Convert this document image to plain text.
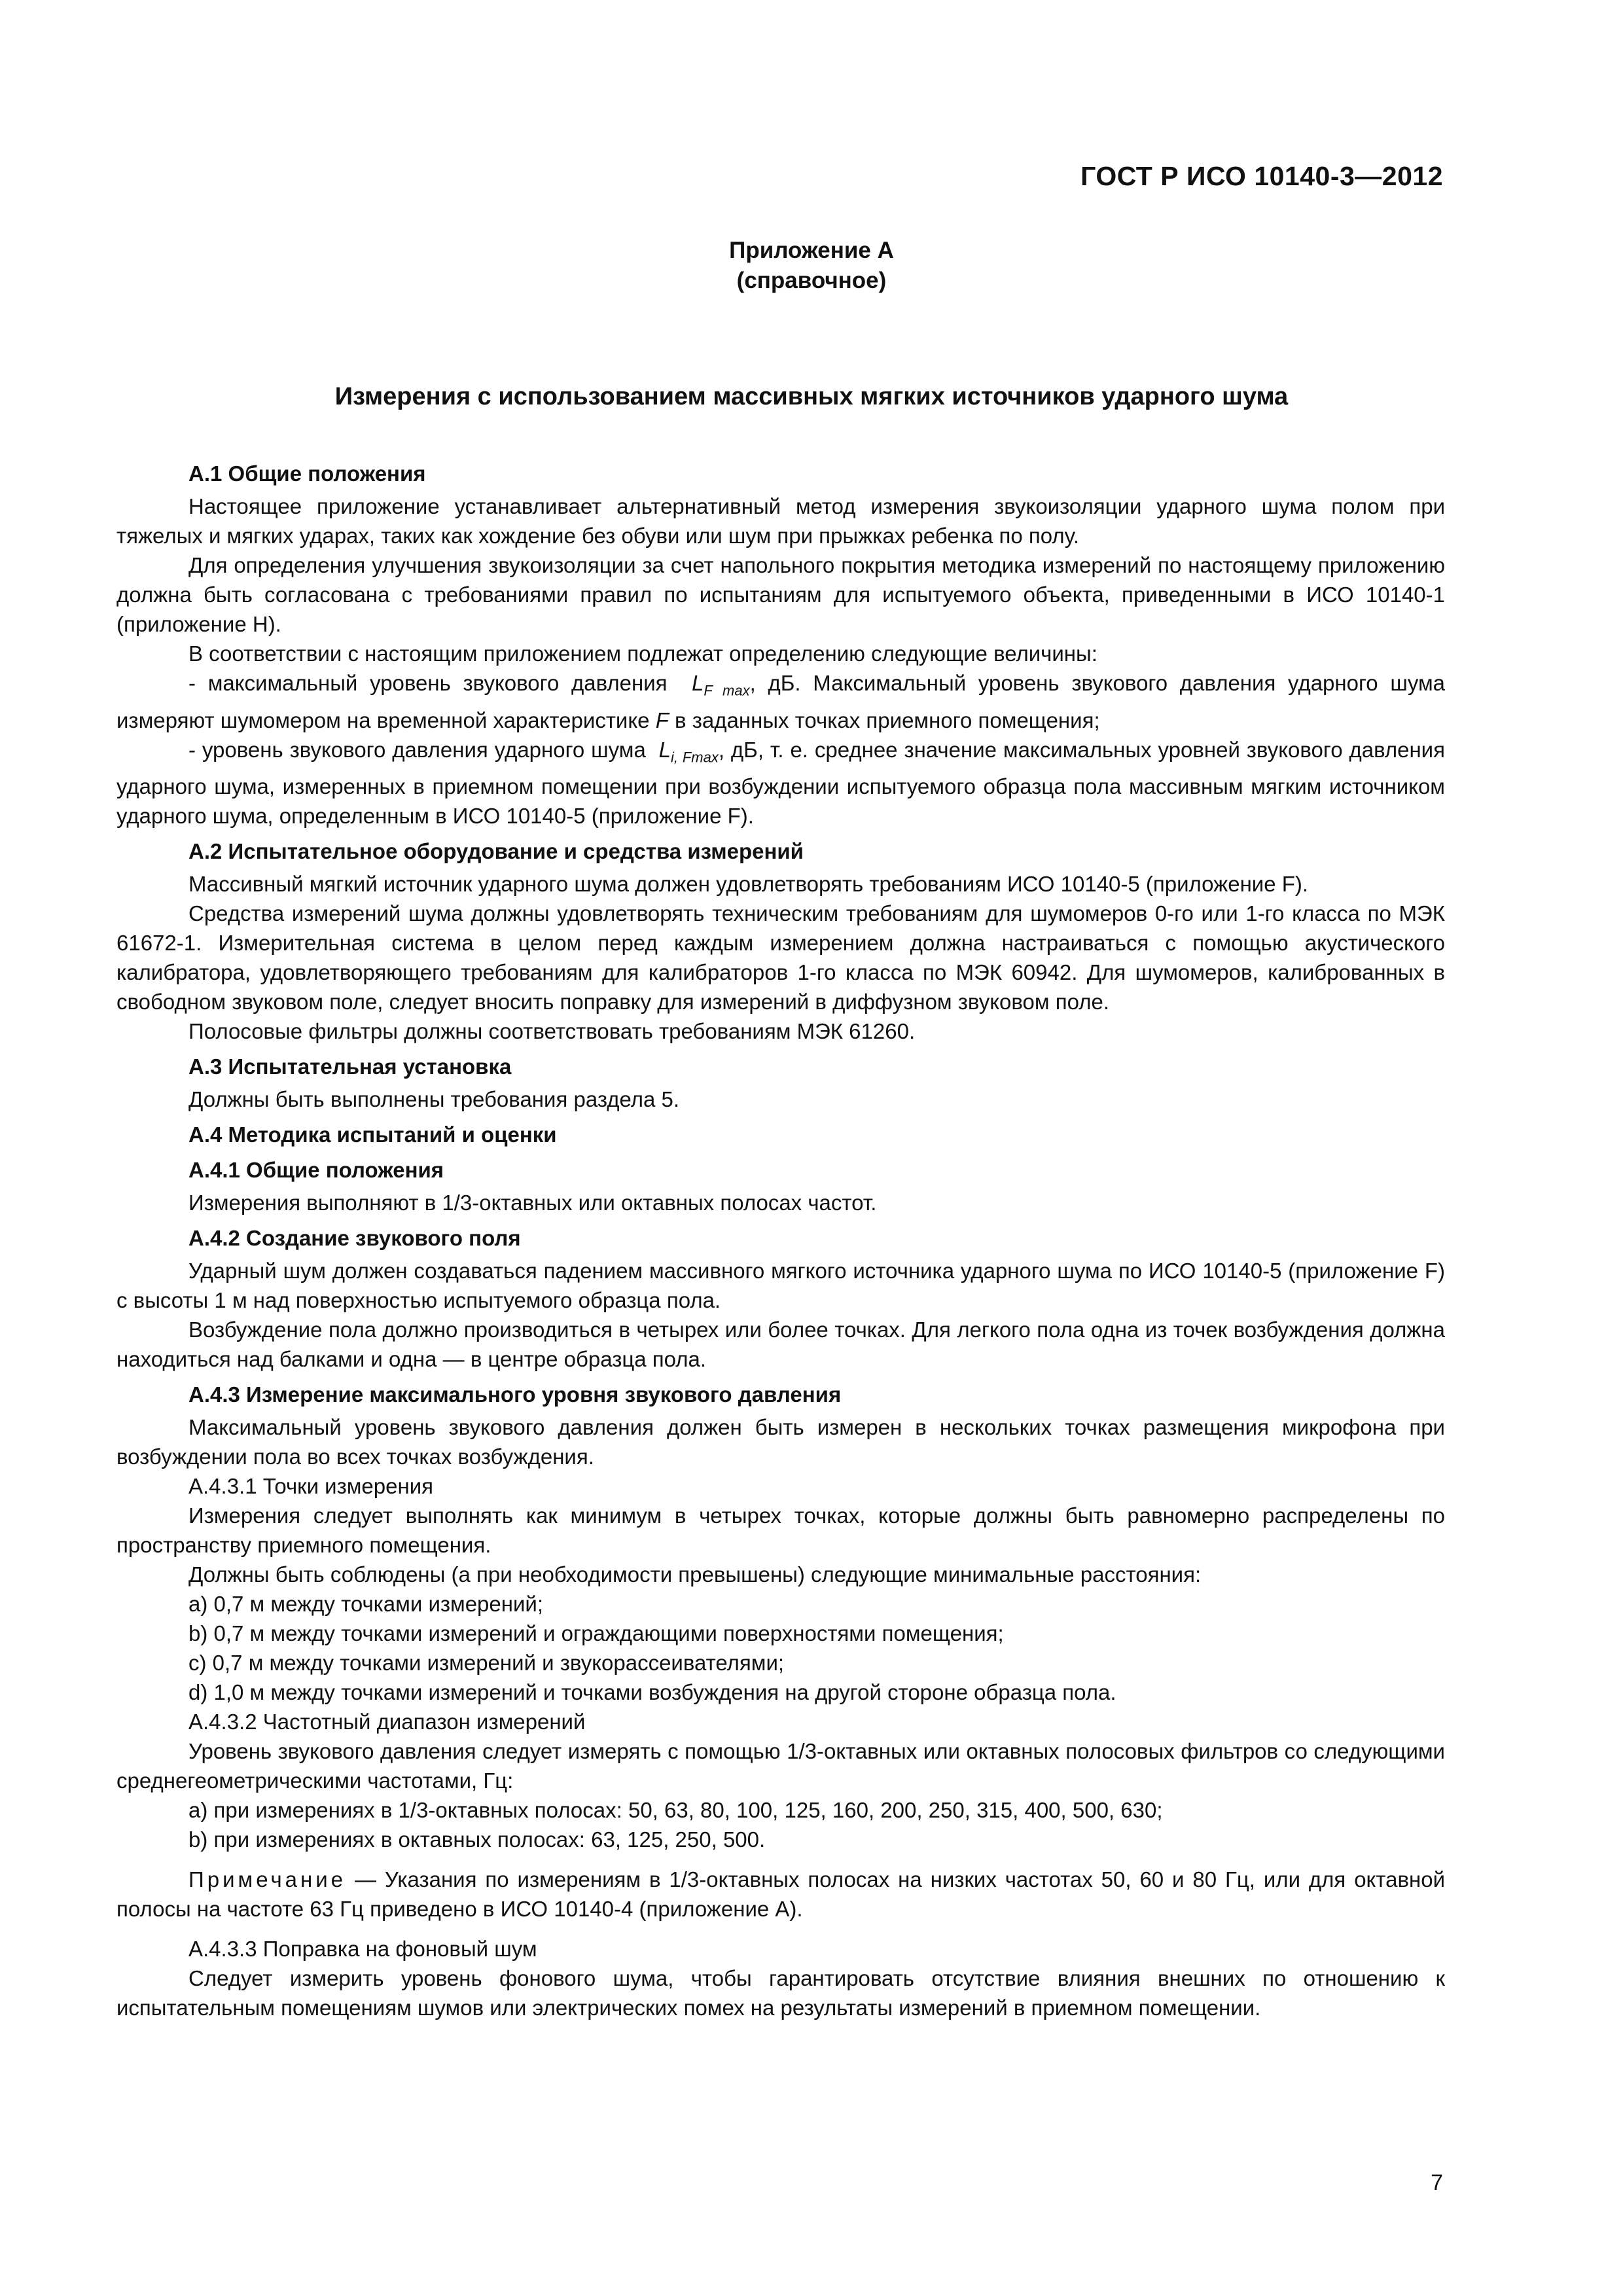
ГОСТ Р ИСО 10140-3—2012
Приложение А
(справочное)
Измерения с использованием массивных мягких источников ударного шума

А.1 Общие положения

Настоящее приложение устанавливает альтернативный метод измерения звукоизоляции ударного шума полом при тяжелых и мягких ударах, таких как хождение без обуви или шум при прыжках ребенка по полу.

Для определения улучшения звукоизоляции за счет напольного покрытия методика измерений по настоящему приложению должна быть согласована с требованиями правил по испытаниям для испытуемого объекта, приведенными в ИСО 10140-1 (приложение Н).

В соответствии с настоящим приложением подлежат определению следующие величины:

- максимальный уровень звукового давления $L_{F max}$, дБ. Максимальный уровень звукового давления ударного шума измеряют шумомером на временной характеристике F в заданных точках приемного помещения;

- уровень звукового давления ударного шума $L_{i, Fmax}$, дБ, т. е. среднее значение максимальных уровней звукового давления ударного шума, измеренных в приемном помещении при возбуждении испытуемого образца пола массивным мягким источником ударного шума, определенным в ИСО 10140-5 (приложение F).

А.2 Испытательное оборудование и средства измерений

Массивный мягкий источник ударного шума должен удовлетворять требованиям ИСО 10140-5 (приложение F).

Средства измерений шума должны удовлетворять техническим требованиям для шумомеров 0-го или 1-го класса по МЭК 61672-1. Измерительная система в целом перед каждым измерением должна настраиваться с помощью акустического калибратора, удовлетворяющего требованиям для калибраторов 1-го класса по МЭК 60942. Для шумомеров, калиброванных в свободном звуковом поле, следует вносить поправку для измерений в диффузном звуковом поле.

Полосовые фильтры должны соответствовать требованиям МЭК 61260.

А.3 Испытательная установка

Должны быть выполнены требования раздела 5.

А.4 Методика испытаний и оценки

А.4.1 Общие положения

Измерения выполняют в 1/3-октавных или октавных полосах частот.

А.4.2 Создание звукового поля

Ударный шум должен создаваться падением массивного мягкого источника ударного шума по ИСО 10140-5 (приложение F) с высоты 1 м над поверхностью испытуемого образца пола.

Возбуждение пола должно производиться в четырех или более точках. Для легкого пола одна из точек возбуждения должна находиться над балками и одна — в центре образца пола.

А.4.3 Измерение максимального уровня звукового давления

Максимальный уровень звукового давления должен быть измерен в нескольких точках размещения микрофона при возбуждении пола во всех точках возбуждения.

А.4.3.1 Точки измерения

Измерения следует выполнять как минимум в четырех точках, которые должны быть равномерно распределены по пространству приемного помещения.

Должны быть соблюдены (а при необходимости превышены) следующие минимальные расстояния:

a) 0,7 м между точками измерений;

b) 0,7 м между точками измерений и ограждающими поверхностями помещения;

c) 0,7 м между точками измерений и звукорассеивателями;

d) 1,0 м между точками измерений и точками возбуждения на другой стороне образца пола.

А.4.3.2 Частотный диапазон измерений

Уровень звукового давления следует измерять с помощью 1/3-октавных или октавных полосовых фильтров со следующими среднегеометрическими частотами, Гц:

a) при измерениях в 1/3-октавных полосах: 50, 63, 80, 100, 125, 160, 200, 250, 315, 400, 500, 630;

b) при измерениях в октавных полосах: 63, 125, 250, 500.

Примечание — Указания по измерениям в 1/3-октавных полосах на низких частотах 50, 60 и 80 Гц, или для октавной полосы на частоте 63 Гц приведено в ИСО 10140-4 (приложение А).

А.4.3.3 Поправка на фоновый шум

Следует измерить уровень фонового шума, чтобы гарантировать отсутствие влияния внешних по отношению к испытательным помещениям шумов или электрических помех на результаты измерений в приемном помещении.

7
